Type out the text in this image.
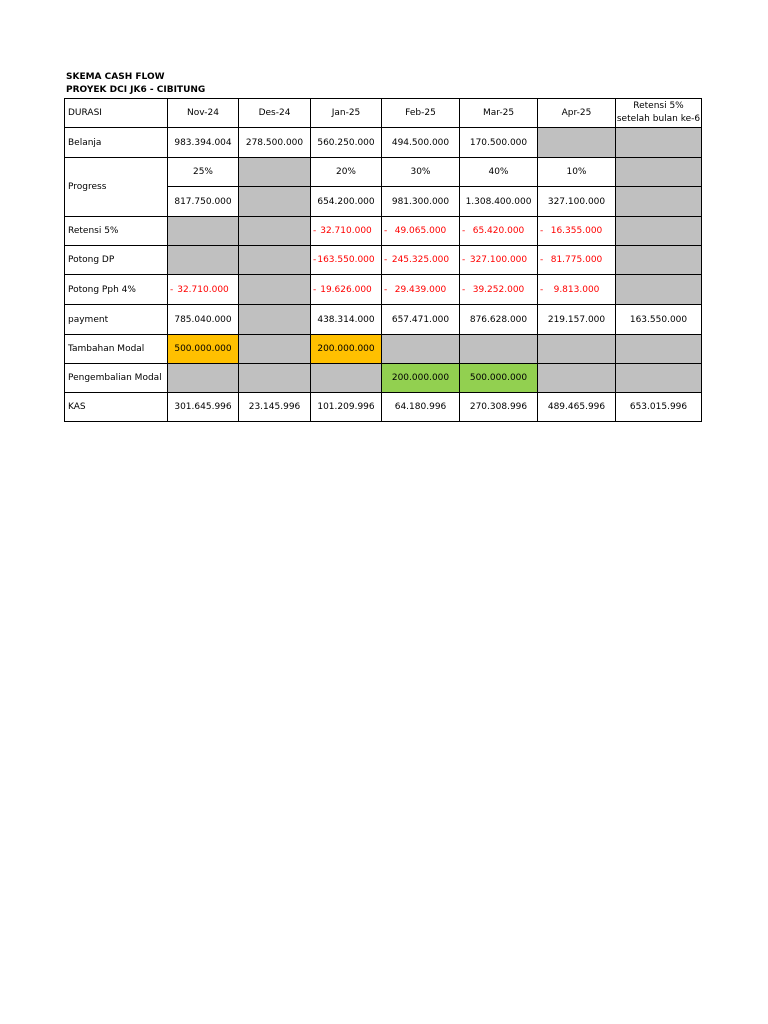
SKEMA CASH FLOW
PROYEK DCI JK6 - CIBITUNG
DURASI	Nov-24	Des-24	Jan-25	Feb-25	Mar-25	Apr-25	Retensi 5%
setelah bulan ke-6

Belanja	983.394.004	278.500.000	560.250.000	494.500.000	170.500.000		
Progress	25%		20%	30%	40%	10%	
	817.750.000		654.200.000	981.300.000	1.308.400.000	327.100.000	
Retensi 5%			- 32.710.000	- 49.065.000	- 65.420.000	- 16.355.000	
Potong DP			- 163.550.000	- 245.325.000	- 327.100.000	- 81.775.000	
Potong Pph 4%	- 32.710.000		- 19.626.000	- 29.439.000	- 39.252.000	- 9.813.000	
payment	785.040.000		438.314.000	657.471.000	876.628.000	219.157.000	163.550.000
Tambahan Modal	500.000.000		200.000.000				
Pengembalian Modal				200.000.000	500.000.000		
KAS	301.645.996	23.145.996	101.209.996	64.180.996	270.308.996	489.465.996	653.015.996
